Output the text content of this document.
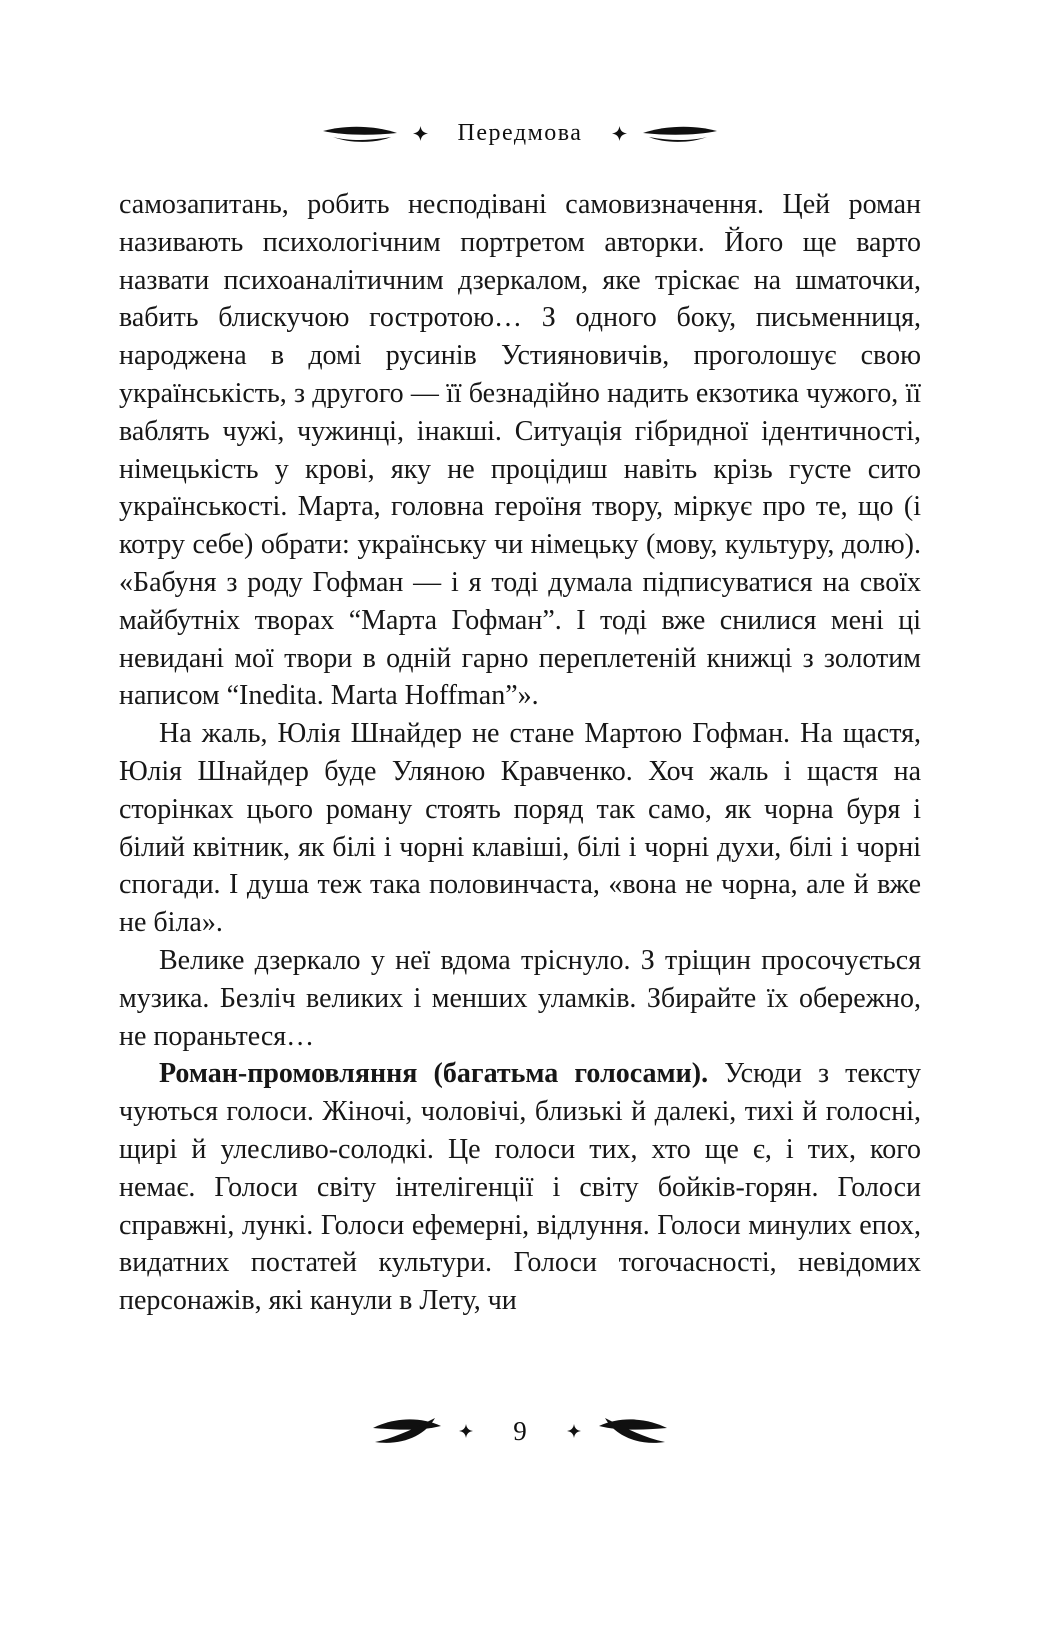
Передмова

самозапитань, робить несподівані самовизначення. Цей роман називають психологічним портретом авторки. Його ще варто назвати психоаналітичним дзеркалом, яке тріскає на шматочки, вабить блискучою гостротою… З одного боку, письменниця, народжена в домі русинів Устияновичів, проголошує свою українськість, з другого — її безнадійно надить екзотика чужого, її ваблять чужі, чужинці, інакші. Ситуація гібридної ідентичності, німецькість у крові, яку не процідиш навіть крізь густе сито українськості. Марта, головна героїня твору, міркує про те, що (і котру себе) обрати: українську чи німецьку (мову, культуру, долю). «Бабуня з роду Гофман — і я тоді думала підписуватися на своїх майбутніх творах “Марта Гофман”. І тоді вже снилися мені ці невидані мої твори в одній гарно переплетеній книжці з золотим написом “Inedita. Marta Hoffman”».

На жаль, Юлія Шнайдер не стане Мартою Гофман. На щастя, Юлія Шнайдер буде Уляною Кравченко. Хоч жаль і щастя на сторінках цього роману стоять поряд так само, як чорна буря і білий квітник, як білі і чорні клавіші, білі і чорні духи, білі і чорні спогади. І душа теж така половинчаста, «вона не чорна, але й вже не біла».

Велике дзеркало у неї вдома тріснуло. З тріщин просочується музика. Безліч великих і менших уламків. Збирайте їх обережно, не пораньтеся…

Роман-промовляння (багатьма голосами). Усюди з тексту чуються голоси. Жіночі, чоловічі, близькі й далекі, тихі й голосні, щирі й улесливо-солодкі. Це голоси тих, хто ще є, і тих, кого немає. Голоси світу інтелігенції і світу бойків-горян. Голоси справжні, лункі. Голоси ефемерні, відлуння. Голоси минулих епох, видатних постатей культури. Голоси тогочасності, невідомих персонажів, які канули в Лету, чи

9
